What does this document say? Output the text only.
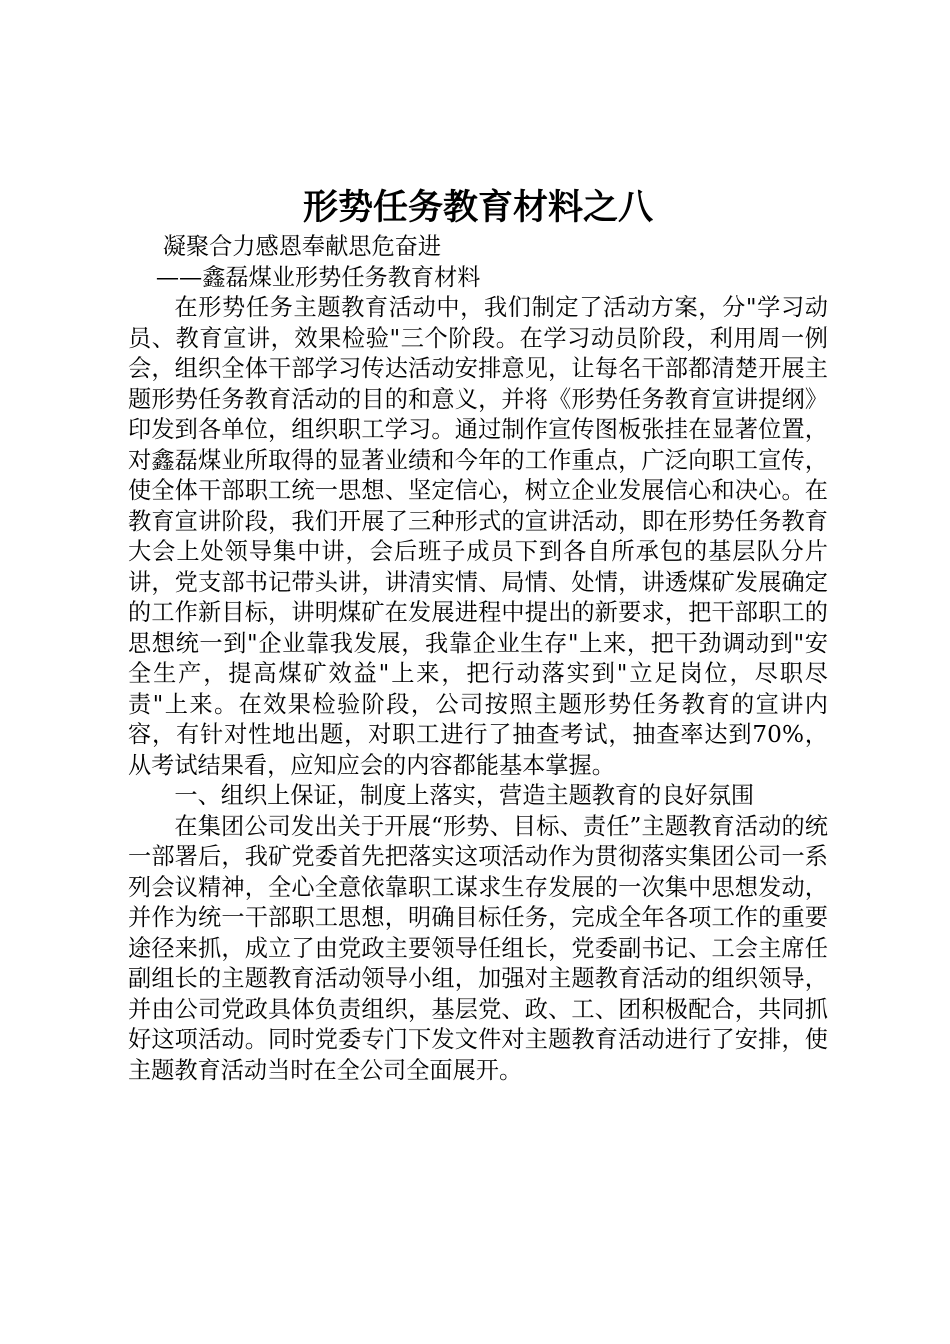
形势任务教育材料之八

凝聚合力感恩奉献思危奋进

——鑫磊煤业形势任务教育材料

在形势任务主题教育活动中，我们制定了活动方案，分"学习动员、教育宣讲，效果检验"三个阶段。在学习动员阶段，利用周一例会，组织全体干部学习传达活动安排意见，让每名干部都清楚开展主题形势任务教育活动的目的和意义，并将《形势任务教育宣讲提纲》印发到各单位，组织职工学习。通过制作宣传图板张挂在显著位置，对鑫磊煤业所取得的显著业绩和今年的工作重点，广泛向职工宣传，使全体干部职工统一思想、坚定信心，树立企业发展信心和决心。在教育宣讲阶段，我们开展了三种形式的宣讲活动，即在形势任务教育大会上处领导集中讲，会后班子成员下到各自所承包的基层队分片讲，党支部书记带头讲，讲清实情、局情、处情，讲透煤矿发展确定的工作新目标，讲明煤矿在发展进程中提出的新要求，把干部职工的思想统一到"企业靠我发展，我靠企业生存"上来，把干劲调动到"安全生产，提高煤矿效益"上来，把行动落实到"立足岗位，尽职尽责"上来。在效果检验阶段，公司按照主题形势任务教育的宣讲内容，有针对性地出题，对职工进行了抽查考试，抽查率达到70%，从考试结果看，应知应会的内容都能基本掌握。

一、组织上保证，制度上落实，营造主题教育的良好氛围

在集团公司发出关于开展“形势、目标、责任”主题教育活动的统一部署后，我矿党委首先把落实这项活动作为贯彻落实集团公司一系列会议精神，全心全意依靠职工谋求生存发展的一次集中思想发动，并作为统一干部职工思想，明确目标任务，完成全年各项工作的重要途径来抓，成立了由党政主要领导任组长，党委副书记、工会主席任副组长的主题教育活动领导小组，加强对主题教育活动的组织领导，并由公司党政具体负责组织，基层党、政、工、团积极配合，共同抓好这项活动。同时党委专门下发文件对主题教育活动进行了安排，使主题教育活动当时在全公司全面展开。
